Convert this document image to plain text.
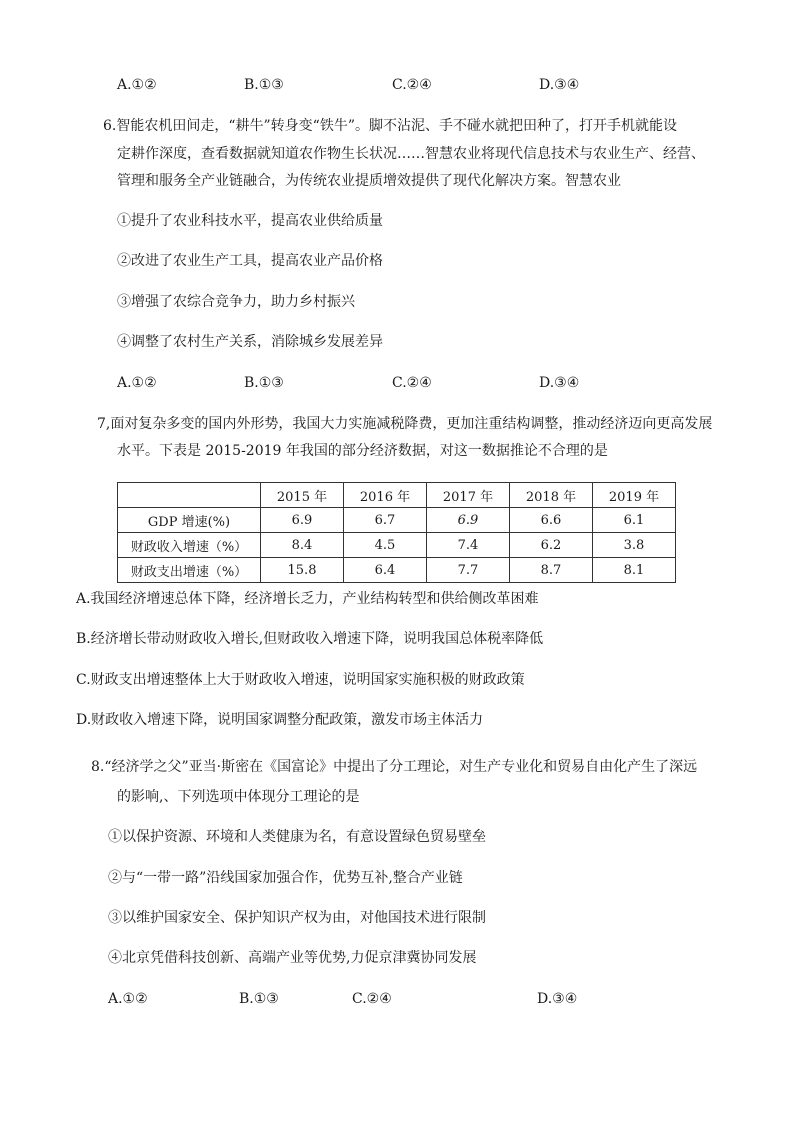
A.①②	B.①③	C.②④	D.③④
6.智能农机田间走，“耕牛”转身变“铁牛”。脚不沾泥、手不碰水就把田种了，打开手机就能设
定耕作深度，查看数据就知道农作物生长状况……智慧农业将现代信息技术与农业生产、经营、
管理和服务全产业链融合，为传统农业提质增效提供了现代化解决方案。智慧农业
①提升了农业科技水平，提高农业供给质量
②改进了农业生产工具，提高农业产品价格
③增强了农综合竞争力，助力乡村振兴
④调整了农村生产关系，消除城乡发展差异
A.①②	B.①③	C.②④	D.③④
7,面对复杂多变的国内外形势，我国大力实施减税降费，更加注重结构调整，推动经济迈向更高发展
水平。下表是 2015-2019 年我国的部分经济数据，对这一数据推论不合理的是
	2015 年	2016 年	2017 年	2018 年	2019 年
GDP 增速(%)	6.9	6.7	6.9	6.6	6.1
财政收入增速（%）	8.4	4.5	7.4	6.2	3.8
财政支出增速（%）	15.8	6.4	7.7	8.7	8.1
A.我国经济增速总体下降，经济增长乏力，产业结构转型和供给侧改革困难
B.经济增长带动财政收入增长,但财政收入增速下降，说明我国总体税率降低
C.财政支出增速整体上大于财政收入增速，说明国家实施积极的财政政策
D.财政收入增速下降，说明国家调整分配政策，激发市场主体活力
8.“经济学之父”亚当·斯密在《国富论》中提出了分工理论，对生产专业化和贸易自由化产生了深远
的影响,、下列选项中体现分工理论的是
①以保护资源、环境和人类健康为名，有意设置绿色贸易壁垒
②与“一带一路”沿线国家加强合作，优势互补,整合产业链
③以维护国家安全、保护知识产权为由，对他国技术进行限制
④北京凭借科技创新、高端产业等优势,力促京津冀协同发展
A.①②	B.①③	C.②④	D.③④
